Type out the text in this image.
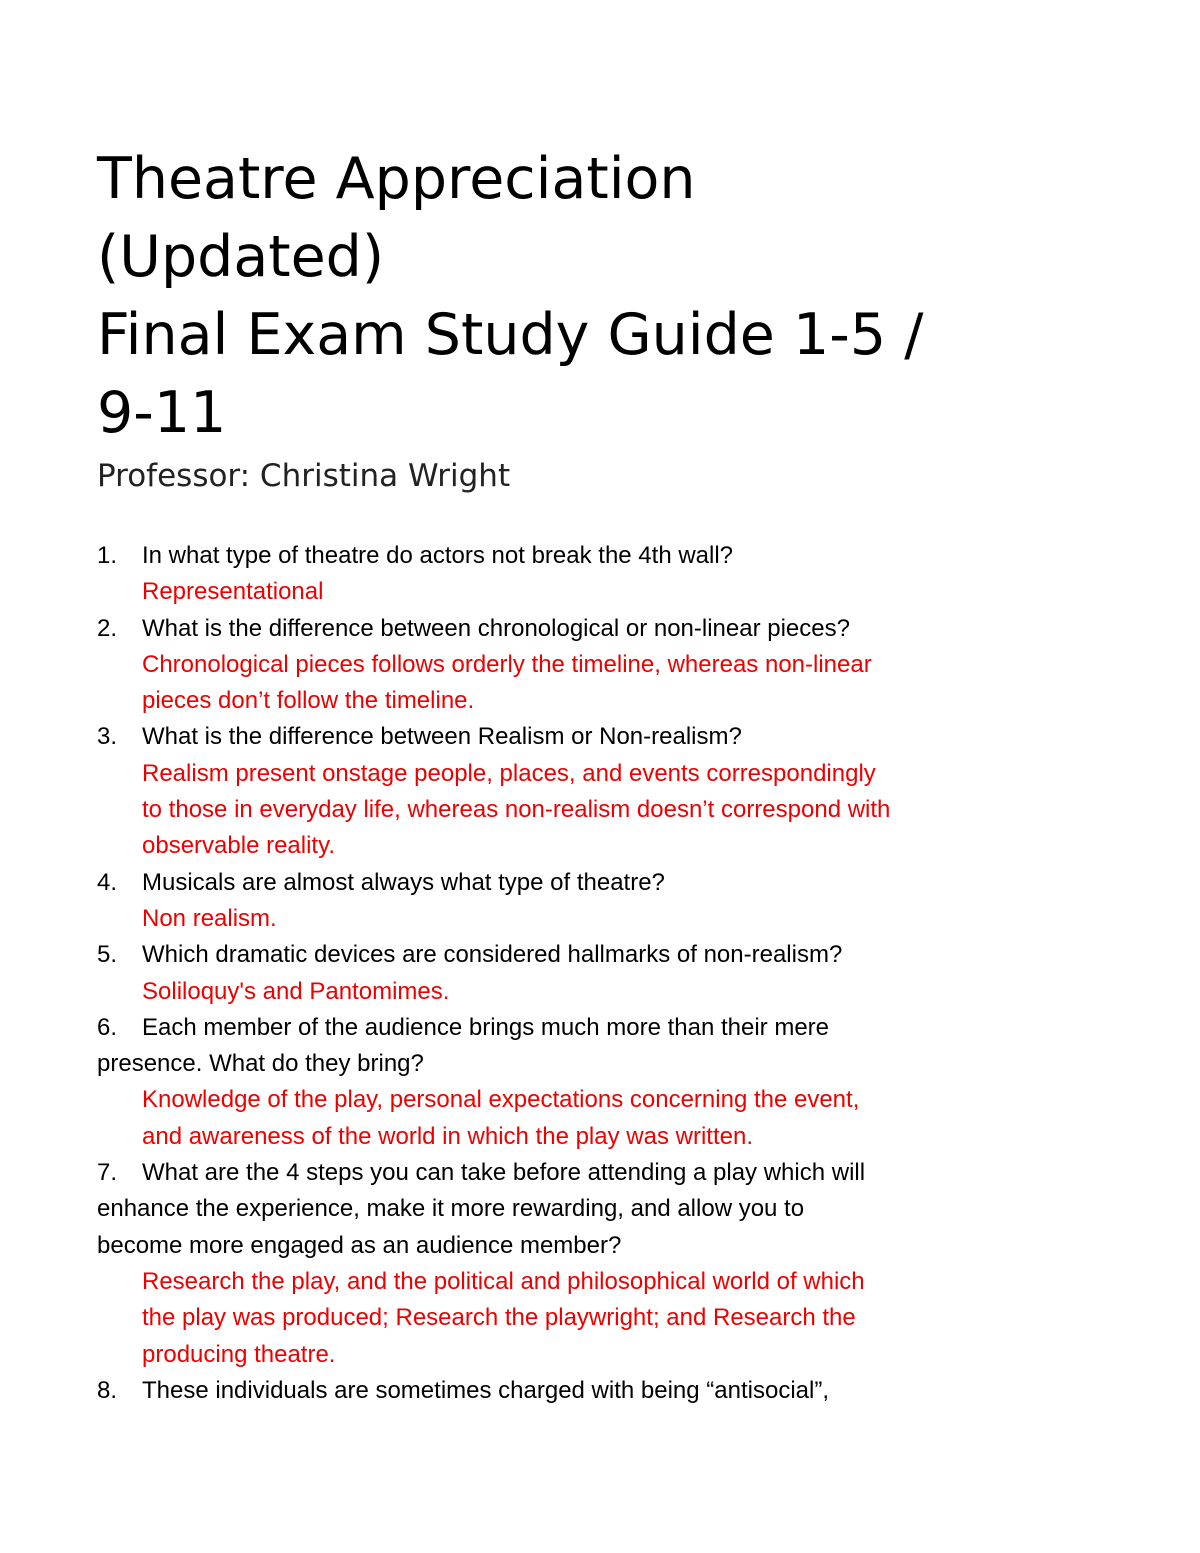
Theatre Appreciation
(Updated)
Final Exam Study Guide 1-5 /
9-11
Professor: Christina Wright
1. In what type of theatre do actors not break the 4th wall?
Representational
2. What is the difference between chronological or non-linear pieces?
Chronological pieces follows orderly the timeline, whereas non-linear
pieces don’t follow the timeline.
3. What is the difference between Realism or Non-realism?
Realism present onstage people, places, and events correspondingly
to those in everyday life, whereas non-realism doesn’t correspond with
observable reality.
4. Musicals are almost always what type of theatre?
Non realism.
5. Which dramatic devices are considered hallmarks of non-realism?
Soliloquy's and Pantomimes.
6. Each member of the audience brings much more than their mere
presence. What do they bring?
Knowledge of the play, personal expectations concerning the event,
and awareness of the world in which the play was written.
7. What are the 4 steps you can take before attending a play which will
enhance the experience, make it more rewarding, and allow you to
become more engaged as an audience member?
Research the play, and the political and philosophical world of which
the play was produced; Research the playwright; and Research the
producing theatre.
8. These individuals are sometimes charged with being “antisocial”,
